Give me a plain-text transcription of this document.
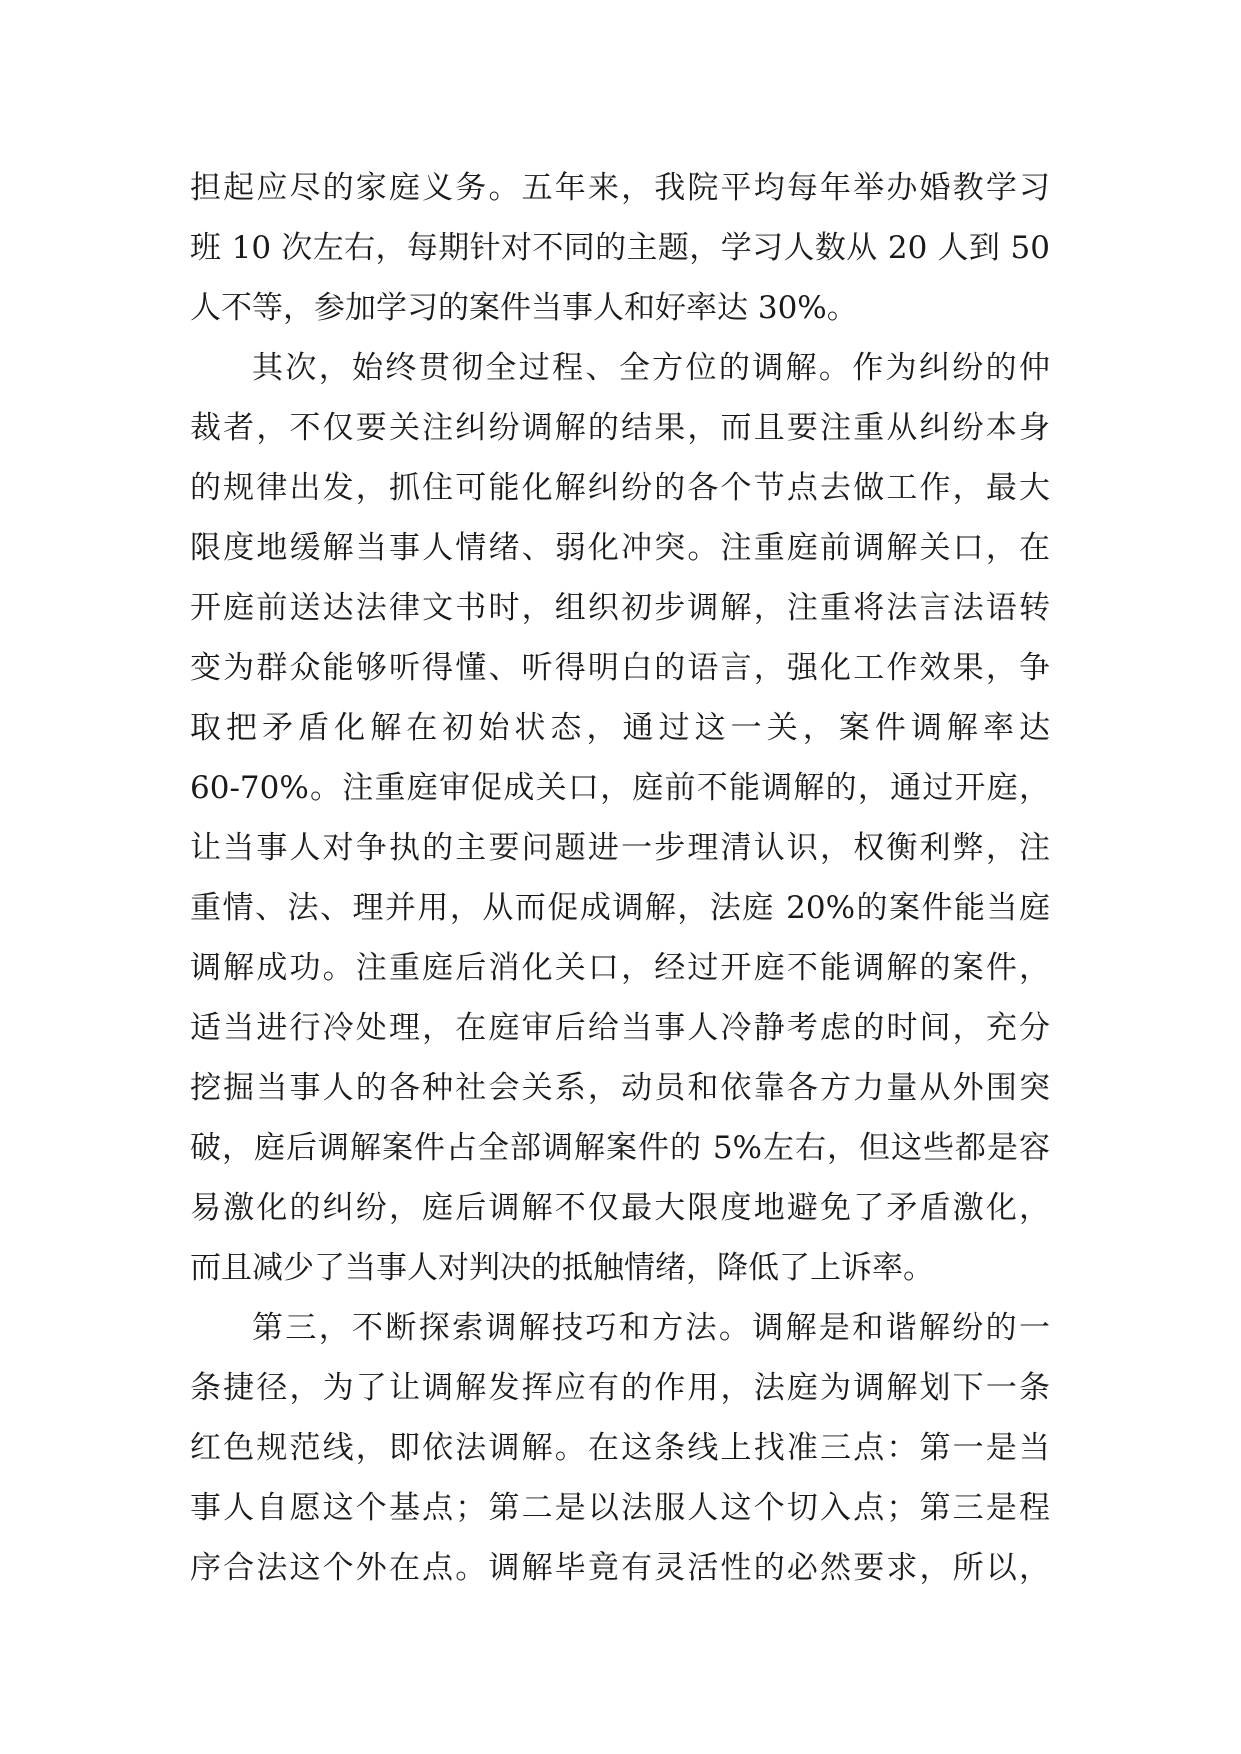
担起应尽的家庭义务。五年来，我院平均每年举办婚教学习
班 10 次左右，每期针对不同的主题，学习人数从 20 人到 50
人不等，参加学习的案件当事人和好率达 30%。
其次，始终贯彻全过程、全方位的调解。作为纠纷的仲
裁者，不仅要关注纠纷调解的结果，而且要注重从纠纷本身
的规律出发，抓住可能化解纠纷的各个节点去做工作，最大
限度地缓解当事人情绪、弱化冲突。注重庭前调解关口，在
开庭前送达法律文书时，组织初步调解，注重将法言法语转
变为群众能够听得懂、听得明白的语言，强化工作效果，争
取把矛盾化解在初始状态，通过这一关，案件调解率达
60-70%。注重庭审促成关口，庭前不能调解的，通过开庭，
让当事人对争执的主要问题进一步理清认识，权衡利弊，注
重情、法、理并用，从而促成调解，法庭 20%的案件能当庭
调解成功。注重庭后消化关口，经过开庭不能调解的案件，
适当进行冷处理，在庭审后给当事人冷静考虑的时间，充分
挖掘当事人的各种社会关系，动员和依靠各方力量从外围突
破，庭后调解案件占全部调解案件的 5%左右，但这些都是容
易激化的纠纷，庭后调解不仅最大限度地避免了矛盾激化，
而且减少了当事人对判决的抵触情绪，降低了上诉率。
第三，不断探索调解技巧和方法。调解是和谐解纷的一
条捷径，为了让调解发挥应有的作用，法庭为调解划下一条
红色规范线，即依法调解。在这条线上找准三点：第一是当
事人自愿这个基点；第二是以法服人这个切入点；第三是程
序合法这个外在点。调解毕竟有灵活性的必然要求，所以，
